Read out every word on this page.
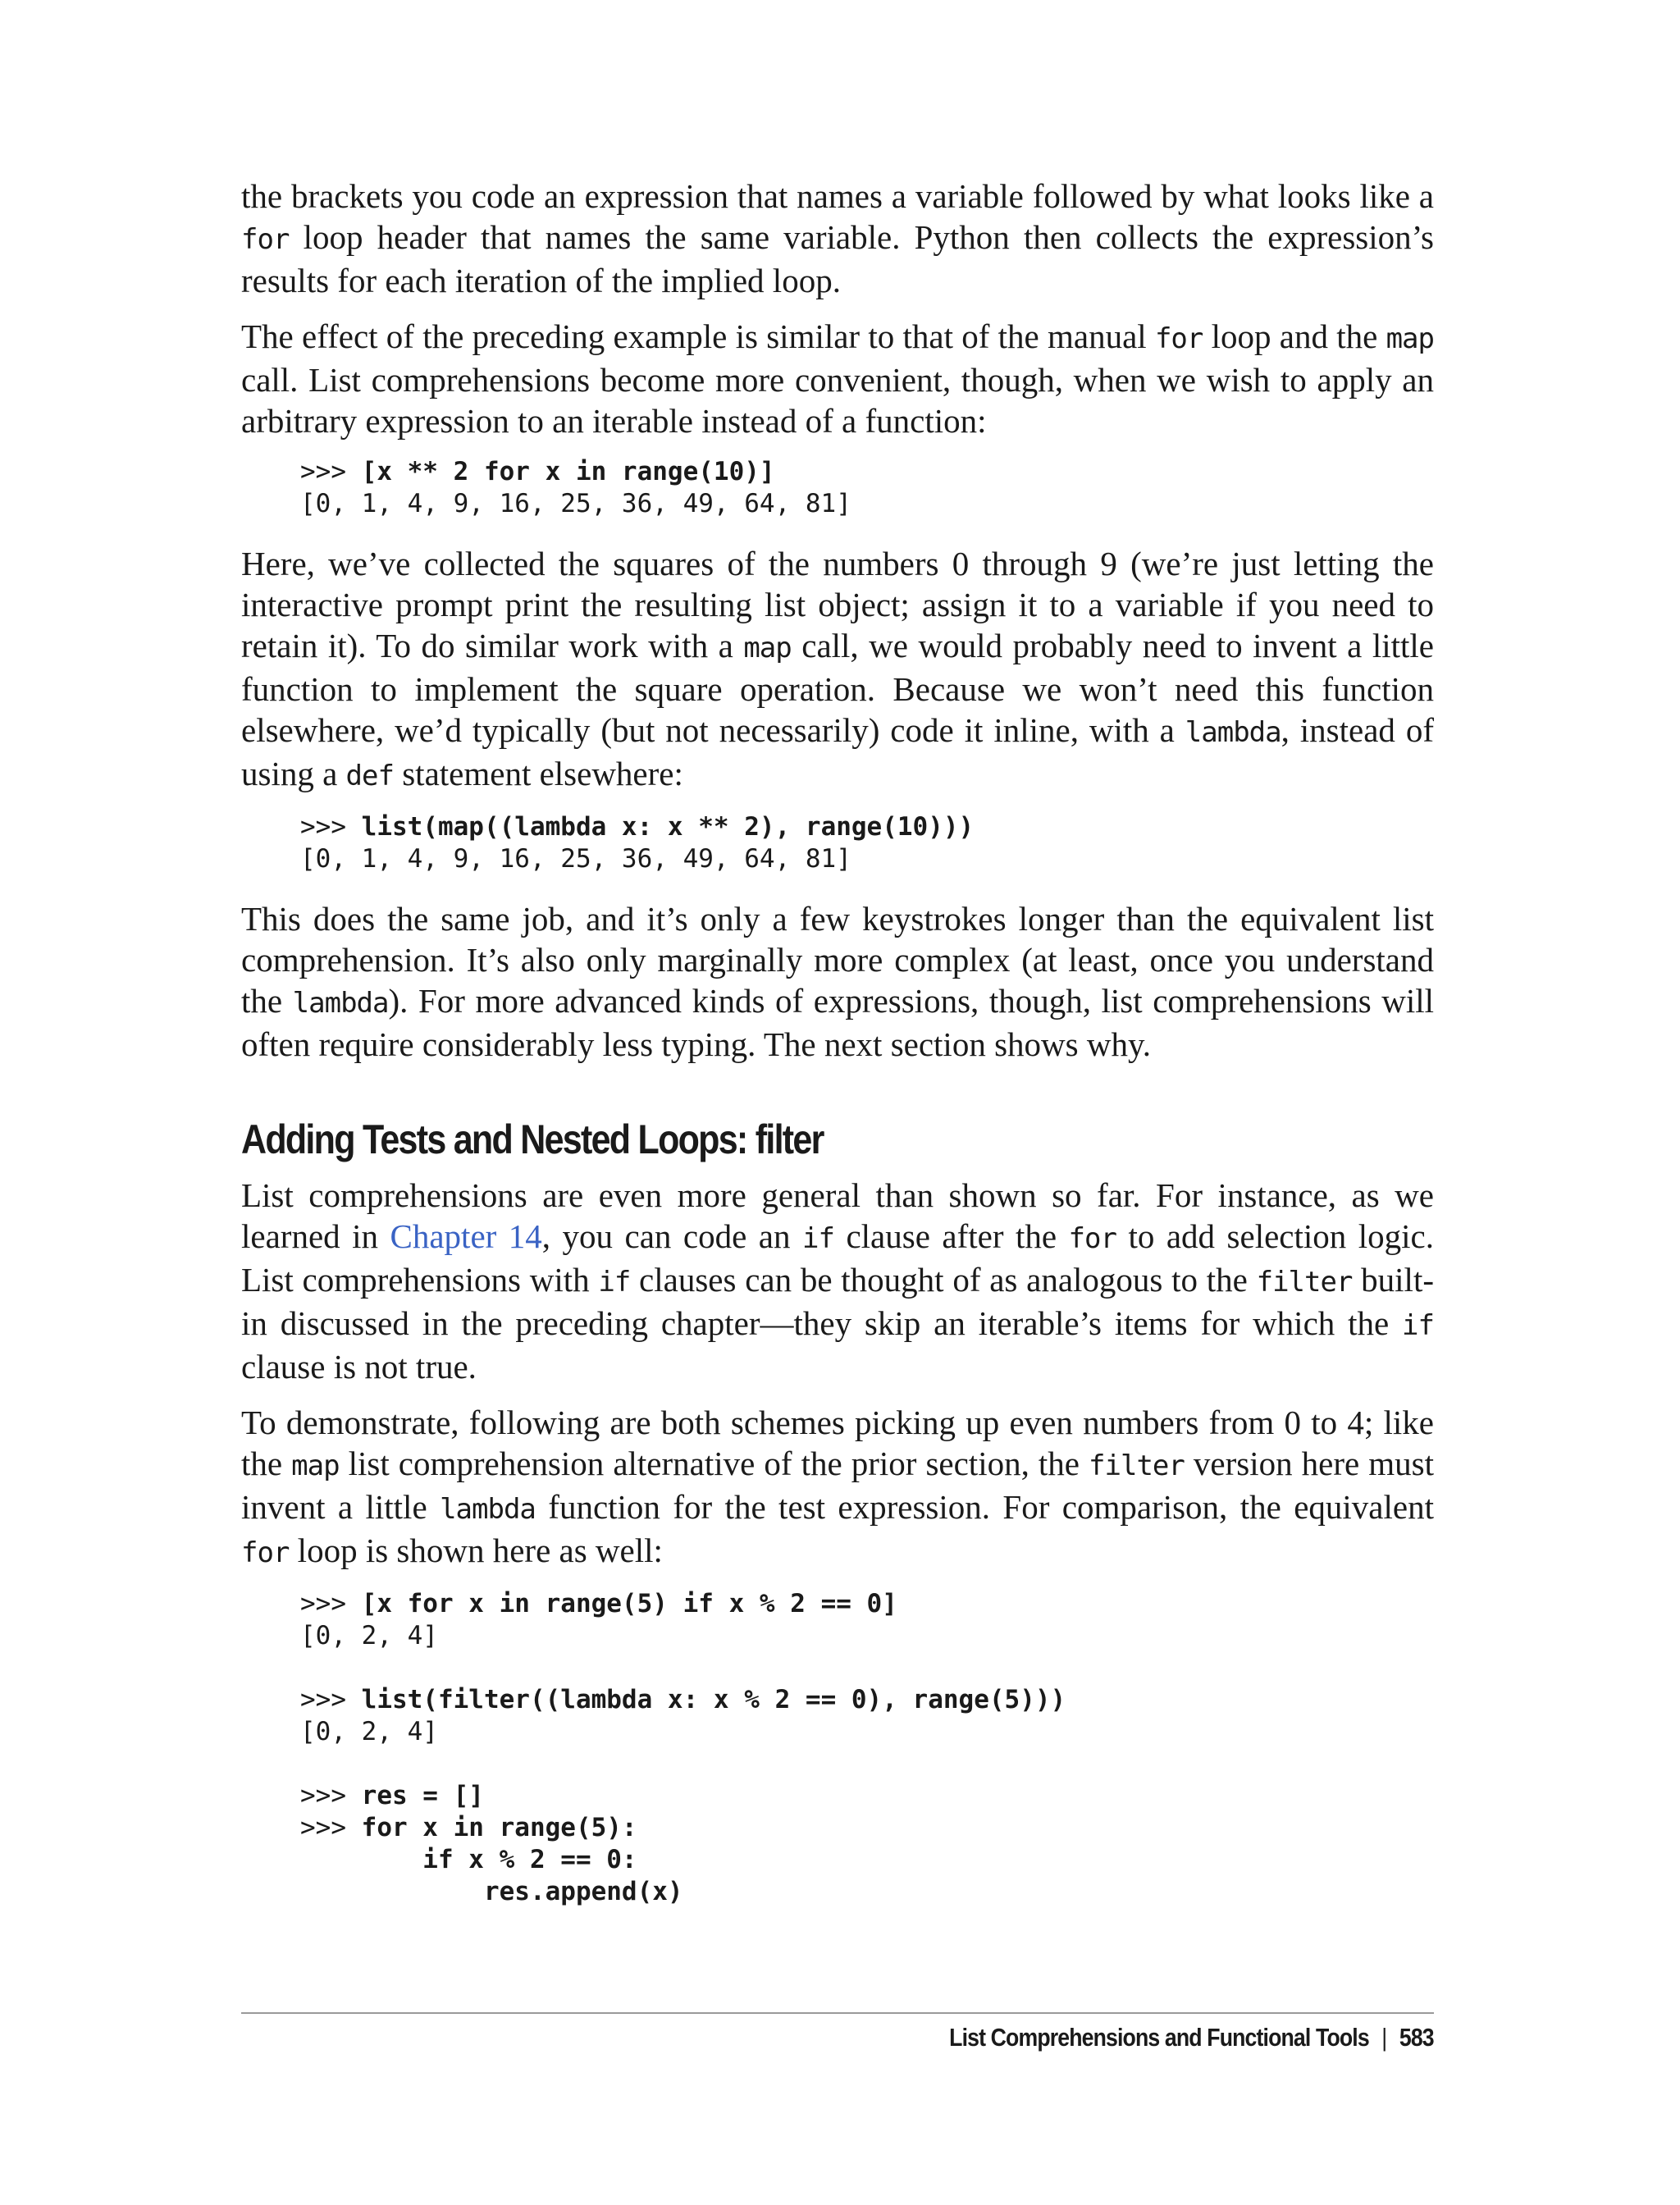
the brackets you code an expression that names a variable followed by what looks like a for loop header that names the same variable. Python then collects the expression’s results for each iteration of the implied loop.

The effect of the preceding example is similar to that of the manual for loop and the map call. List comprehensions become more convenient, though, when we wish to apply an arbitrary expression to an iterable instead of a function:

>>> [x ** 2 for x in range(10)]
[0, 1, 4, 9, 16, 25, 36, 49, 64, 81]

Here, we’ve collected the squares of the numbers 0 through 9 (we’re just letting the interactive prompt print the resulting list object; assign it to a variable if you need to retain it). To do similar work with a map call, we would probably need to invent a little function to implement the square operation. Because we won’t need this function elsewhere, we’d typically (but not necessarily) code it inline, with a lambda, instead of using a def statement elsewhere:

>>> list(map((lambda x: x ** 2), range(10)))
[0, 1, 4, 9, 16, 25, 36, 49, 64, 81]

This does the same job, and it’s only a few keystrokes longer than the equivalent list comprehension. It’s also only marginally more complex (at least, once you understand the lambda). For more advanced kinds of expressions, though, list comprehensions will often require considerably less typing. The next section shows why.

Adding Tests and Nested Loops: filter

List comprehensions are even more general than shown so far. For instance, as we learned in Chapter 14, you can code an if clause after the for to add selection logic. List comprehensions with if clauses can be thought of as analogous to the filter built-in discussed in the preceding chapter—they skip an iterable’s items for which the if clause is not true.

To demonstrate, following are both schemes picking up even numbers from 0 to 4; like the map list comprehension alternative of the prior section, the filter version here must invent a little lambda function for the test expression. For comparison, the equivalent for loop is shown here as well:

>>> [x for x in range(5) if x % 2 == 0]
[0, 2, 4]

>>> list(filter((lambda x: x % 2 == 0), range(5)))
[0, 2, 4]

>>> res = []
>>> for x in range(5):
if x % 2 == 0:
res.append(x)
List Comprehensions and Functional Tools | 583
